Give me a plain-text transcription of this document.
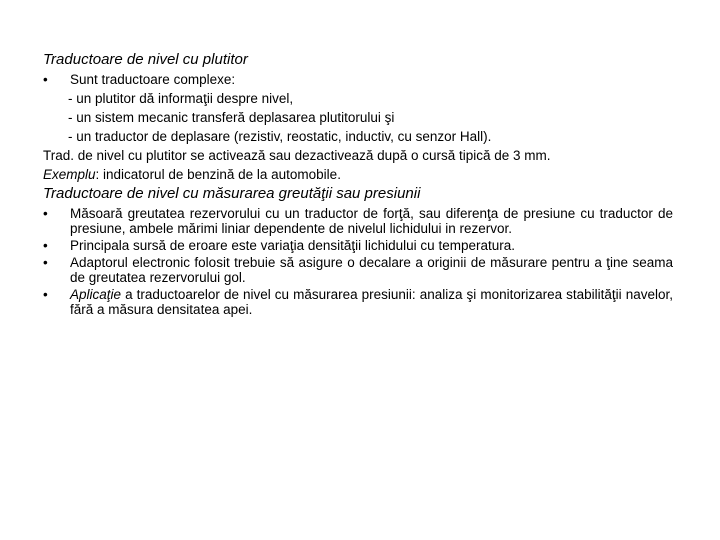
Traductoare de nivel cu plutitor

•	Sunt traductoare complexe:

- un plutitor dă informaţii despre nivel,

- un sistem mecanic transferă deplasarea plutitorului şi

- un traductor de deplasare (rezistiv, reostatic, inductiv, cu senzor Hall).

Trad. de nivel cu plutitor se activează sau dezactivează după o cursă tipică de 3 mm.

Exemplu: indicatorul de benzină de la automobile.

Traductoare de nivel cu măsurarea greutăţii sau presiunii

•	Măsoară greutatea rezervorului cu un traductor de forţă, sau diferenţa de presiune cu traductor de presiune, ambele mărimi liniar dependente de nivelul lichidului in rezervor.

•	Principala sursă de eroare este variaţia densităţii lichidului cu temperatura.

•	Adaptorul electronic folosit trebuie să asigure o decalare a originii de măsurare pentru a ţine seama de greutatea rezervorului gol.

•	Aplicaţie a traductoarelor de nivel cu măsurarea presiunii: analiza şi monitorizarea stabilităţii navelor, fără a măsura densitatea apei.
